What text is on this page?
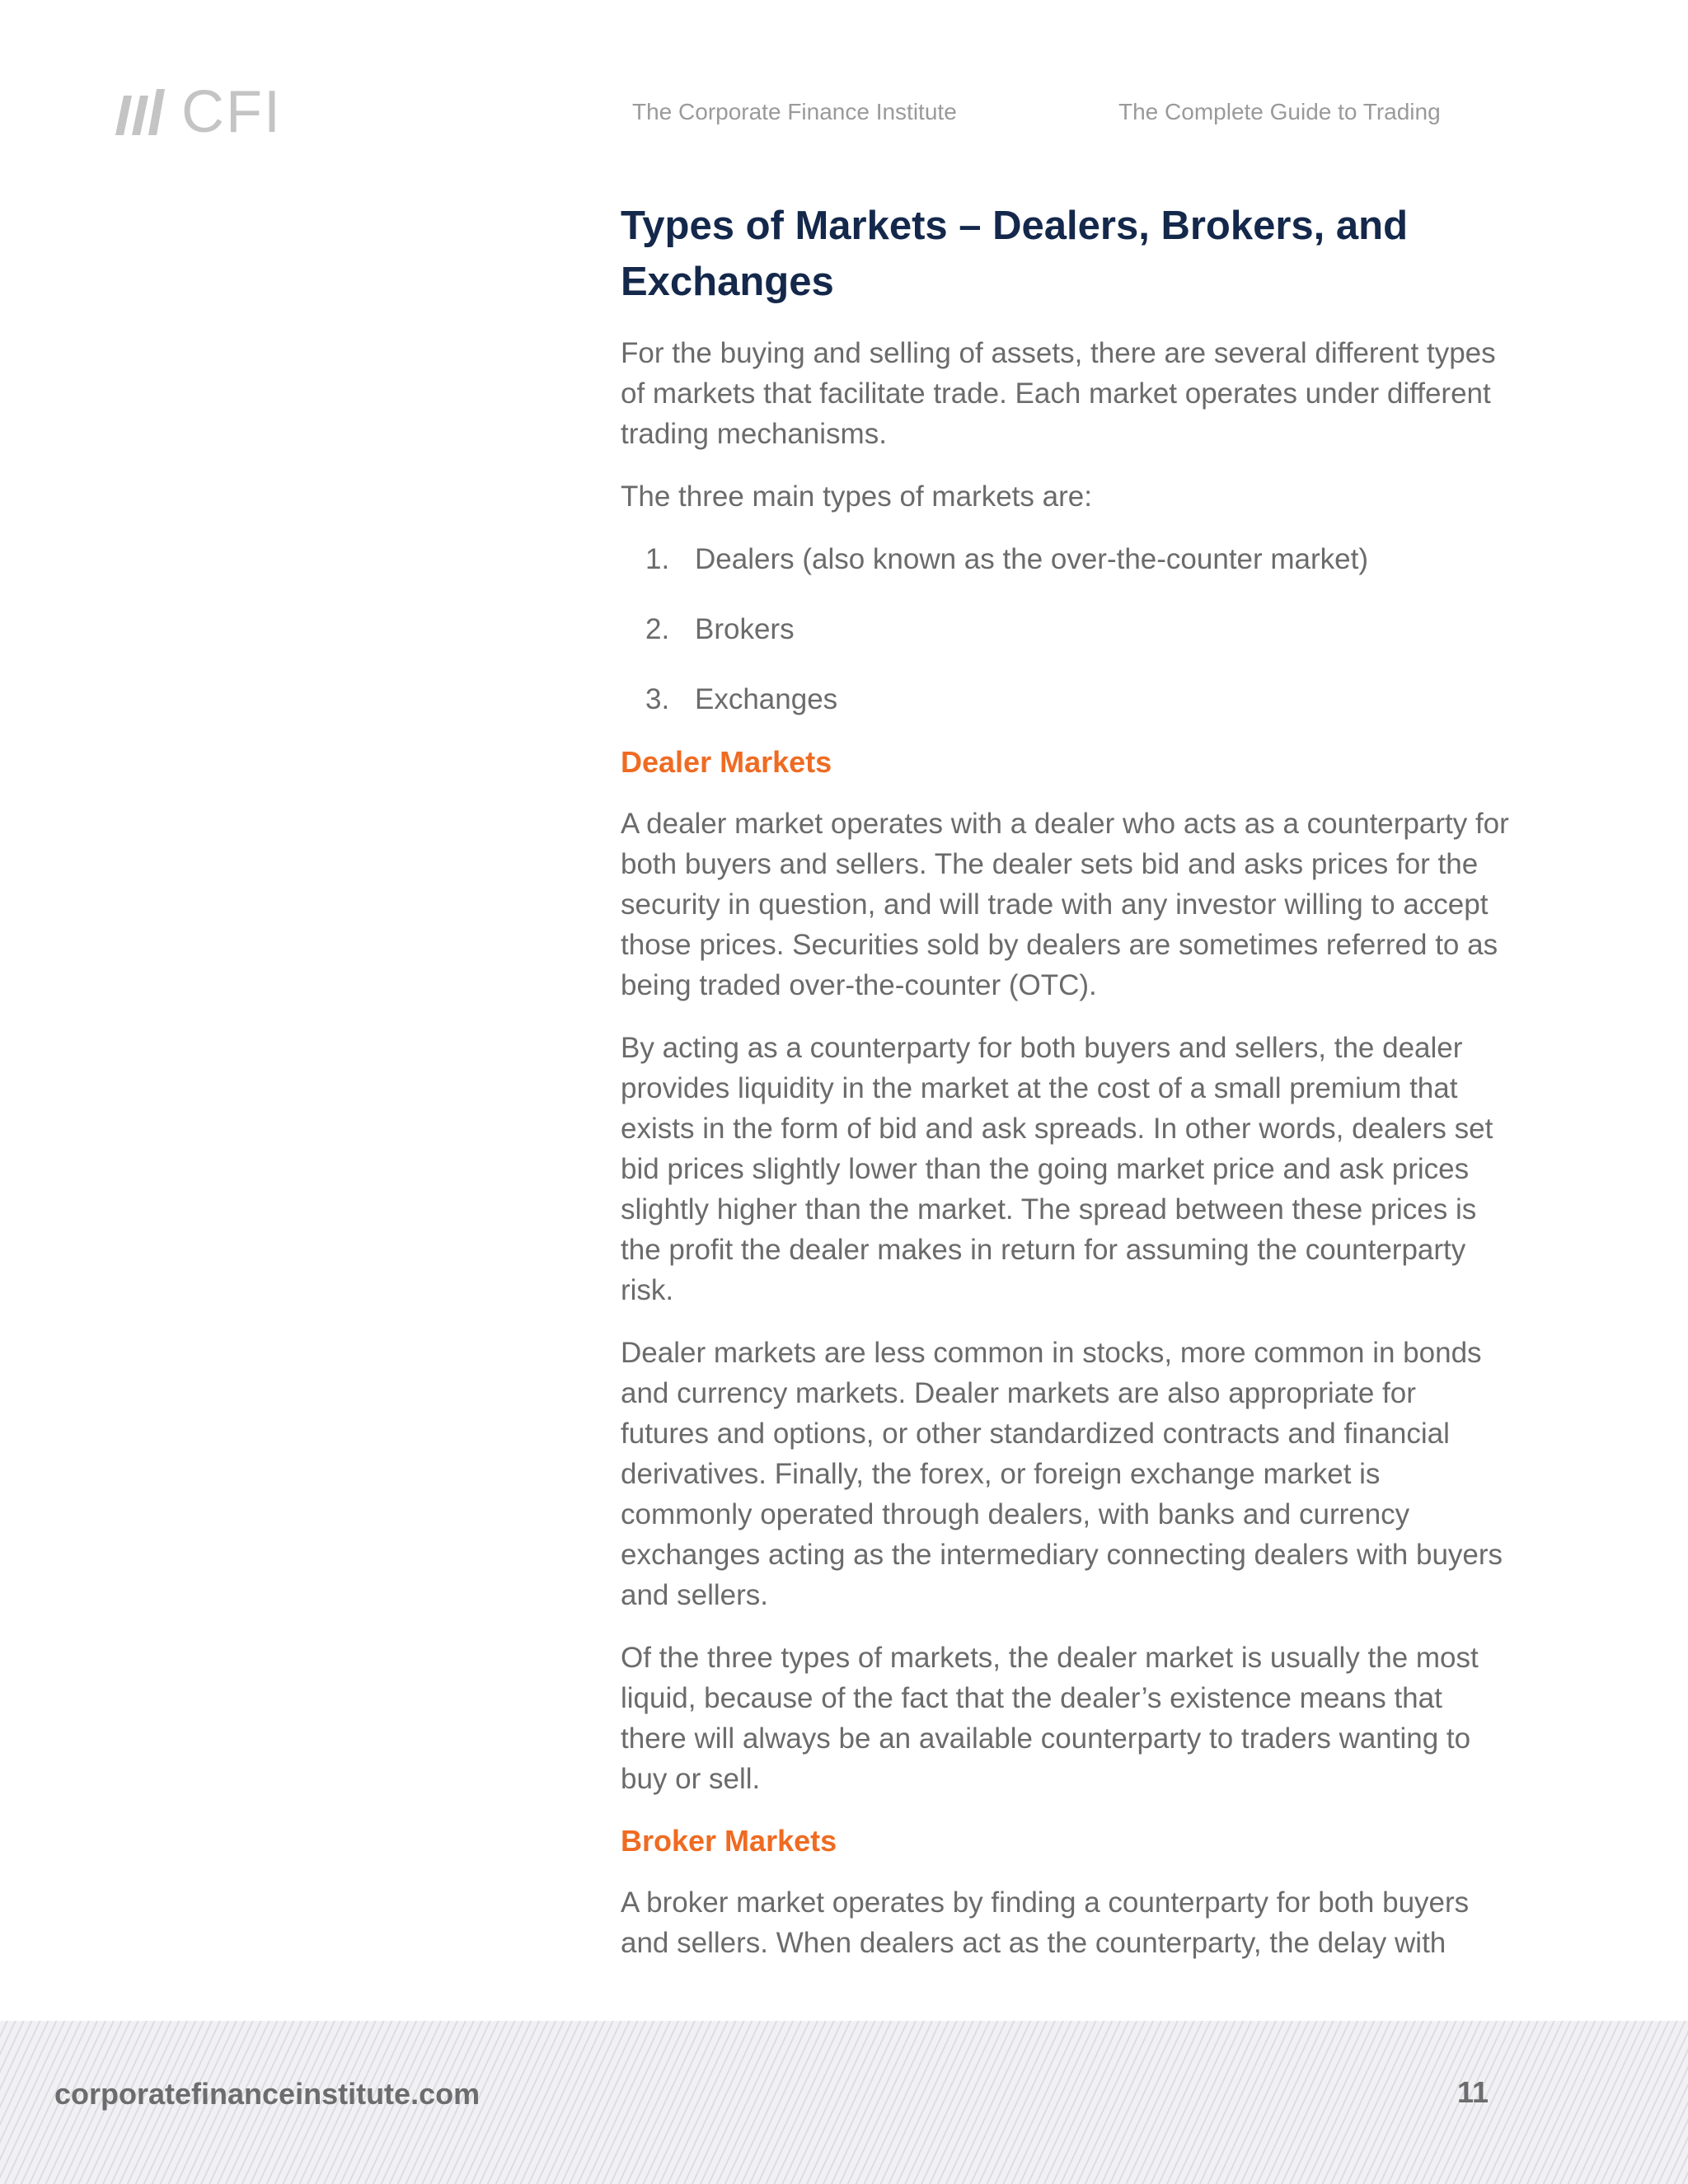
CFI	The Corporate Finance Institute	The Complete Guide to Trading
Types of Markets – Dealers, Brokers, and Exchanges

For the buying and selling of assets, there are several different types of markets that facilitate trade. Each market operates under different trading mechanisms.

The three main types of markets are:

1. Dealers (also known as the over-the-counter market)
2. Brokers
3. Exchanges
Dealer Markets

A dealer market operates with a dealer who acts as a counterparty for both buyers and sellers. The dealer sets bid and asks prices for the security in question, and will trade with any investor willing to accept those prices. Securities sold by dealers are sometimes referred to as being traded over-the-counter (OTC).

By acting as a counterparty for both buyers and sellers, the dealer provides liquidity in the market at the cost of a small premium that exists in the form of bid and ask spreads. In other words, dealers set bid prices slightly lower than the going market price and ask prices slightly higher than the market. The spread between these prices is the profit the dealer makes in return for assuming the counterparty risk.

Dealer markets are less common in stocks, more common in bonds and currency markets. Dealer markets are also appropriate for futures and options, or other standardized contracts and financial derivatives. Finally, the forex, or foreign exchange market is commonly operated through dealers, with banks and currency exchanges acting as the intermediary connecting dealers with buyers and sellers.

Of the three types of markets, the dealer market is usually the most liquid, because of the fact that the dealer’s existence means that there will always be an available counterparty to traders wanting to buy or sell.

Broker Markets

A broker market operates by finding a counterparty for both buyers and sellers. When dealers act as the counterparty, the delay with

corporatefinanceinstitute.com	11
